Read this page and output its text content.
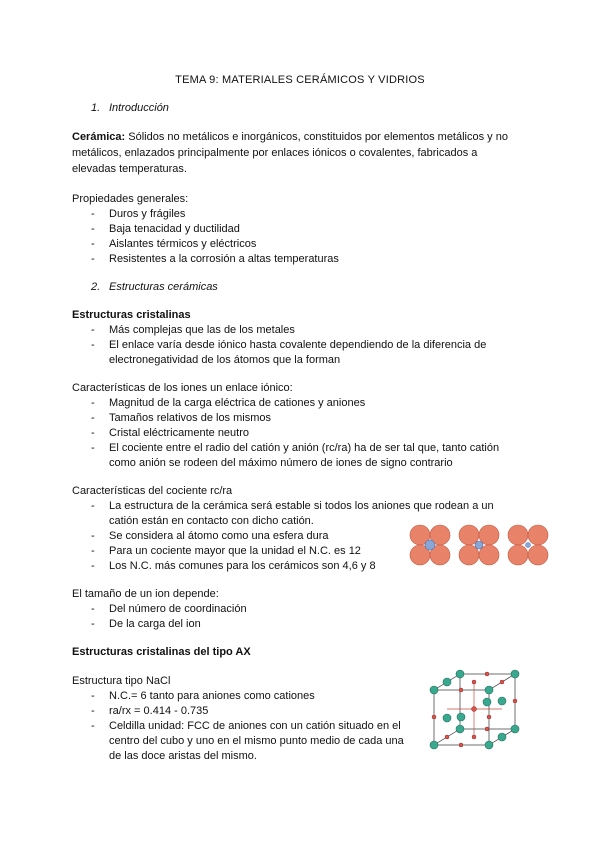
TEMA 9: MATERIALES CERÁMICOS Y VIDRIOS
1. Introducción
Cerámica: Sólidos no metálicos e inorgánicos, constituidos por elementos metálicos y no
metálicos, enlazados principalmente por enlaces iónicos o covalentes, fabricados a
elevadas temperaturas.
Propiedades generales:
- Duros y frágiles
- Baja tenacidad y ductilidad
- Aislantes térmicos y eléctricos
- Resistentes a la corrosión a altas temperaturas
2. Estructuras cerámicas
Estructuras cristalinas
- Más complejas que las de los metales
- El enlace varía desde iónico hasta covalente dependiendo de la diferencia de
electronegatividad de los átomos que la forman
Características de los iones un enlace iónico:
- Magnitud de la carga eléctrica de cationes y aniones
- Tamaños relativos de los mismos
- Cristal eléctricamente neutro
- El cociente entre el radio del catión y anión (rc/ra) ha de ser tal que, tanto catión
como anión se rodeen del máximo número de iones de signo contrario
Características del cociente rc/ra
- La estructura de la cerámica será estable si todos los aniones que rodean a un
catión están en contacto con dicho catión.
- Se considera al átomo como una esfera dura
- Para un cociente mayor que la unidad el N.C. es 12
- Los N.C. más comunes para los cerámicos son 4,6 y 8
El tamaño de un ion depende:
- Del número de coordinación
- De la carga del ion
Estructuras cristalinas del tipo AX
Estructura tipo NaCl
- N.C.= 6 tanto para aniones como cationes
- ra/rx = 0.414 - 0.735
- Celdilla unidad: FCC de aniones con un catión situado en el
centro del cubo y uno en el mismo punto medio de cada una
de las doce aristas del mismo.
